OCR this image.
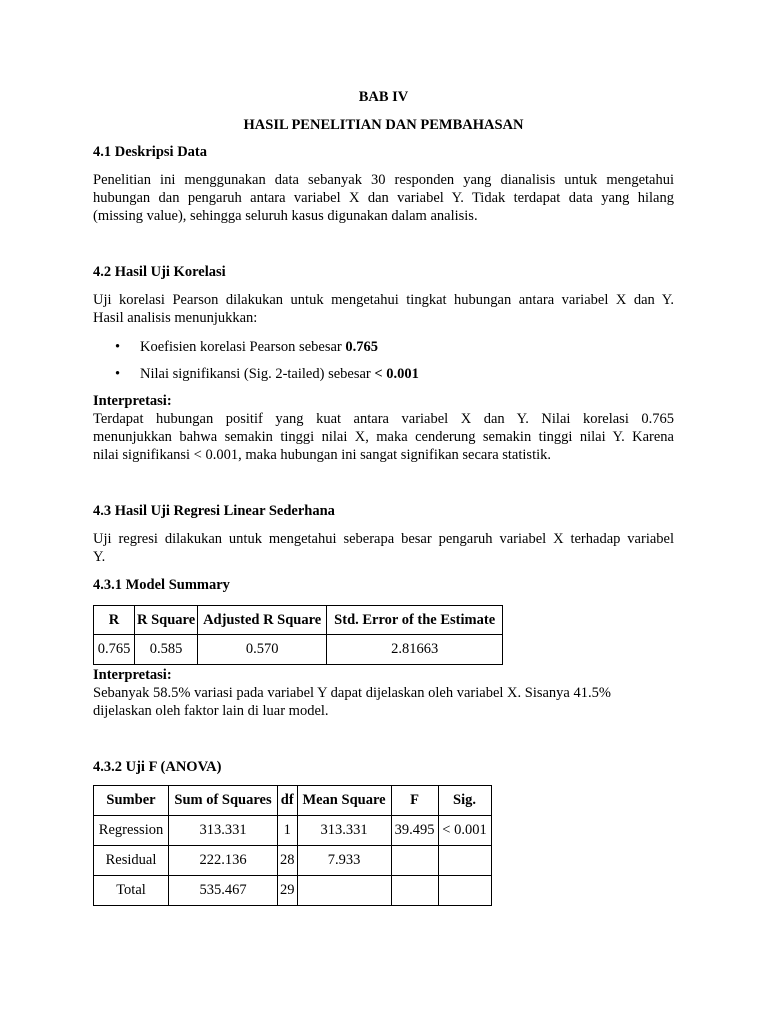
BAB IV
HASIL PENELITIAN DAN PEMBAHASAN
4.1 Deskripsi Data
Penelitian ini menggunakan data sebanyak 30 responden yang dianalisis untuk mengetahui
hubungan dan pengaruh antara variabel X dan variabel Y. Tidak terdapat data yang hilang
(missing value), sehingga seluruh kasus digunakan dalam analisis.
4.2 Hasil Uji Korelasi
Uji korelasi Pearson dilakukan untuk mengetahui tingkat hubungan antara variabel X dan Y.
Hasil analisis menunjukkan:
• Koefisien korelasi Pearson sebesar 0.765
• Nilai signifikansi (Sig. 2-tailed) sebesar < 0.001
Interpretasi:
Terdapat hubungan positif yang kuat antara variabel X dan Y. Nilai korelasi 0.765
menunjukkan bahwa semakin tinggi nilai X, maka cenderung semakin tinggi nilai Y. Karena
nilai signifikansi < 0.001, maka hubungan ini sangat signifikan secara statistik.
4.3 Hasil Uji Regresi Linear Sederhana
Uji regresi dilakukan untuk mengetahui seberapa besar pengaruh variabel X terhadap variabel
Y.
4.3.1 Model Summary
R	R Square	Adjusted R Square	Std. Error of the Estimate
0.765	0.585	0.570	2.81663
Interpretasi:
Sebanyak 58.5% variasi pada variabel Y dapat dijelaskan oleh variabel X. Sisanya 41.5%
dijelaskan oleh faktor lain di luar model.
4.3.2 Uji F (ANOVA)
Sumber	Sum of Squares	df	Mean Square	F	Sig.
Regression	313.331	1	313.331	39.495	< 0.001
Residual	222.136	28	7.933		
Total	535.467	29			
